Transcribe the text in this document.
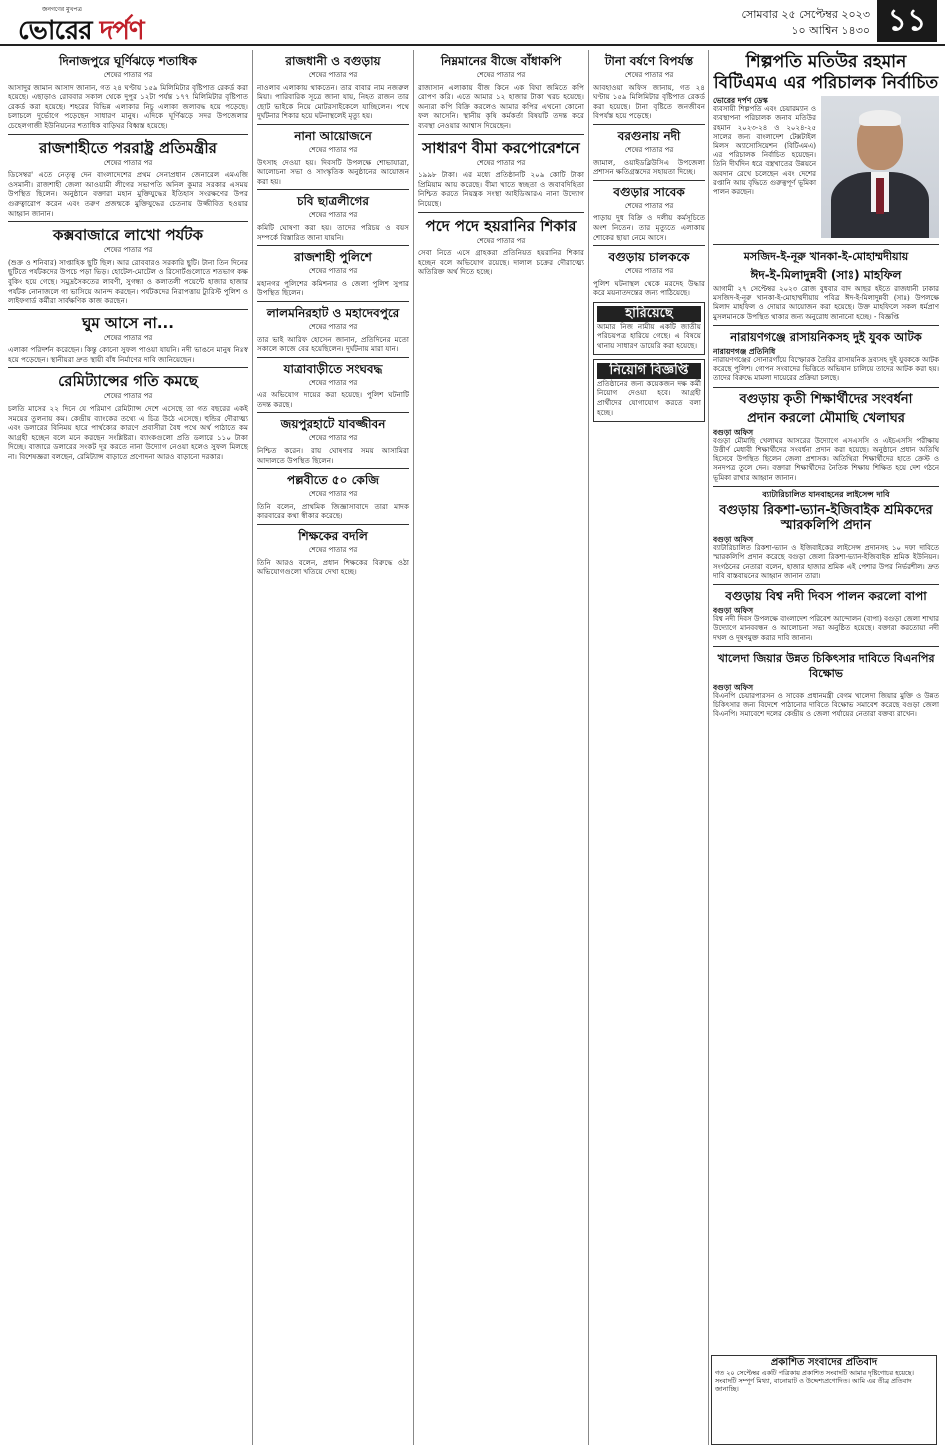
জনগণের মুখপত্র
ভোরের দর্পণ
সোমবার ২৫ সেপ্টেম্বর ২০২৩
১০ আশ্বিন ১৪৩০ ১১
দিনাজপুরে ঘূর্ণিঝড়ে শতাধিক
শেষের পাতার পর

আসাদুর জামান আসাদ জানান, গত ২৪ ঘণ্টায় ১৫৯ মিলিমিটার বৃষ্টিপাত রেকর্ড করা হয়েছে। এছাড়াও রোববার সকাল থেকে দুপুর ১২টা পর্যন্ত ১৭৭ মিলিমিটার বৃষ্টিপাত রেকর্ড করা হয়েছে। শহরের বিভিন্ন এলাকার নিচু এলাকা জলাবদ্ধ হয়ে পড়েছে। চলাচলে দুর্ভোগে পড়েছেন সাধারণ মানুষ। এদিকে ঘূর্ণিঝড়ে সদর উপজেলার চেহেলগাজী ইউনিয়নের শতাধিক বাড়িঘর বিধ্বস্ত হয়েছে।

রাজশাহীতে পররাষ্ট্র প্রতিমন্ত্রীর
শেষের পাতার পর

ডিসেম্বর' এতে নেতৃত্ব দেন বাংলাদেশের প্রথম সেনাপ্রধান জেনারেল এমএজি ওসমানী। রাজশাহী জেলা আওয়ামী লীগের সভাপতি অনিল কুমার সরকার এসময় উপস্থিত ছিলেন। অনুষ্ঠানে বক্তারা মহান মুক্তিযুদ্ধের ইতিহাস সংরক্ষণের উপর গুরুত্বারোপ করেন এবং তরুণ প্রজন্মকে মুক্তিযুদ্ধের চেতনায় উজ্জীবিত হওয়ার আহ্বান জানান।

কক্সবাজারে লাখো পর্যটক
শেষের পাতার পর

(শুক্র ও শনিবার) সাপ্তাহিক ছুটি ছিল। আর রোববারও সরকারি ছুটি। টানা তিন দিনের ছুটিতে পর্যটকদের উপচে পড়া ভিড়। হোটেল-মোটেল ও রিসোর্টগুলোতে শতভাগ কক্ষ বুকিং হয়ে গেছে। সমুদ্রসৈকতের লাবণী, সুগন্ধা ও কলাতলী পয়েন্টে হাজার হাজার পর্যটক নোনাজলে গা ভাসিয়ে আনন্দ করছেন। পর্যটকদের নিরাপত্তায় ট্যুরিস্ট পুলিশ ও লাইফগার্ড কর্মীরা সার্বক্ষণিক কাজ করছেন।

ঘুম আসে না...
শেষের পাতার পর

এলাকা পরিদর্শন করেছেন। কিন্তু কোনো সুফল পাওয়া যায়নি। নদী ভাঙনে মানুষ নিঃস্ব হয়ে পড়েছেন। স্থানীয়রা দ্রুত স্থায়ী বাঁধ নির্মাণের দাবি জানিয়েছেন।

রেমিট্যান্সের গতি কমছে
শেষের পাতার পর

চলতি মাসের ২২ দিনে যে পরিমাণ রেমিট্যান্স দেশে এসেছে তা গত বছরের একই সময়ের তুলনায় কম। কেন্দ্রীয় ব্যাংকের তথ্যে এ চিত্র উঠে এসেছে। হুন্ডির দৌরাত্ম্য এবং ডলারের বিনিময় হারে পার্থক্যের কারণে প্রবাসীরা বৈধ পথে অর্থ পাঠাতে কম আগ্রহী হচ্ছেন বলে মনে করছেন সংশ্লিষ্টরা। ব্যাংকগুলো প্রতি ডলারে ১১০ টাকা দিচ্ছে। বাজারে ডলারের সংকট দূর করতে নানা উদ্যোগ নেওয়া হলেও সুফল মিলছে না। বিশেষজ্ঞরা বলছেন, রেমিট্যান্স বাড়াতে প্রণোদনা আরও বাড়ানো দরকার।

রাজধানী ও বগুড়ায়
শেষের পাতার পর

নাওলাব এলাকায় থাকতেন। তার বাবার নাম নজরুল মিয়া। পারিবারিক সূত্রে জানা যায়, নিহত রাজন তার ছোট ভাইকে নিয়ে মোটরসাইকেলে যাচ্ছিলেন। পথে দুর্ঘটনার শিকার হয়ে ঘটনাস্থলেই মৃত্যু হয়।

নানা আয়োজনে
শেষের পাতার পর

উৎসাহ দেওয়া হয়। দিবসটি উপলক্ষে শোভাযাত্রা, আলোচনা সভা ও সাংস্কৃতিক অনুষ্ঠানের আয়োজন করা হয়।

চবি ছাত্রলীগের
শেষের পাতার পর

কমিটি ঘোষণা করা হয়। তাদের পরিচয় ও বয়স সম্পর্কে বিস্তারিত জানা যায়নি।

রাজশাহী পুলিশে
শেষের পাতার পর

মহানগর পুলিশের কমিশনার ও জেলা পুলিশ সুপার উপস্থিত ছিলেন।

লালমনিরহাট ও মহাদেবপুরে
শেষের পাতার পর

তার ভাই আরিফ হোসেন জানান, প্রতিদিনের মতো সকালে কাজে বের হয়েছিলেন। দুর্ঘটনায় মারা যান।

যাত্রাবাড়ীতে সংঘবদ্ধ
শেষের পাতার পর

এর অভিযোগ দায়ের করা হয়েছে। পুলিশ ঘটনাটি তদন্ত করছে।

জয়পুরহাটে যাবজ্জীবন
শেষের পাতার পর

নিশ্চিত করেন। রায় ঘোষণার সময় আসামিরা আদালতে উপস্থিত ছিলেন।

পল্লবীতে ৫০ কেজি
শেষের পাতার পর

তিনি বলেন, প্রাথমিক জিজ্ঞাসাবাদে তারা মাদক কারবারের কথা স্বীকার করেছে।

শিক্ষকের বদলি
শেষের পাতার পর

তিনি আরও বলেন, প্রধান শিক্ষকের বিরুদ্ধে ওঠা অভিযোগগুলো খতিয়ে দেখা হচ্ছে।

নিম্নমানের বীজে বাঁধাকপি
শেষের পাতার পর

রাজাসান এলাকায় বীজ কিনে এক বিঘা জমিতে কপি রোপণ করি। এতে আমার ১২ হাজার টাকা খরচ হয়েছে। অন্যরা কপি বিক্রি করলেও আমার কপির এখনো কোনো ফল আসেনি। স্থানীয় কৃষি কর্মকর্তা বিষয়টি তদন্ত করে ব্যবস্থা নেওয়ার আশ্বাস দিয়েছেন।

সাধারণ বীমা করপোরেশনে
শেষের পাতার পর

১৯৯৮ টাকা। এর মধ্যে প্রতিষ্ঠানটি ২০৯ কোটি টাকা প্রিমিয়াম আয় করেছে। বীমা খাতে স্বচ্ছতা ও জবাবদিহিতা নিশ্চিত করতে নিয়ন্ত্রক সংস্থা আইডিআরএ নানা উদ্যোগ নিয়েছে।

পদে পদে হয়রানির শিকার
শেষের পাতার পর

সেবা নিতে এসে গ্রাহকরা প্রতিনিয়ত হয়রানির শিকার হচ্ছেন বলে অভিযোগ রয়েছে। দালাল চক্রের দৌরাত্ম্যে অতিরিক্ত অর্থ দিতে হচ্ছে।

টানা বর্ষণে বিপর্যস্ত
শেষের পাতার পর

আবহাওয়া অফিস জানায়, গত ২৪ ঘণ্টায় ১৫৯ মিলিমিটার বৃষ্টিপাত রেকর্ড করা হয়েছে। টানা বৃষ্টিতে জনজীবন বিপর্যস্ত হয়ে পড়েছে।

বরগুনায় নদী
শেষের পাতার পর

জামাল, ওয়াইডব্লিউসিএ উপজেলা প্রশাসন ক্ষতিগ্রস্তদের সহায়তা দিচ্ছে।

বগুড়ার সাবেক
শেষের পাতার পর

পাড়ায় দুধ বিক্রি ও দলীয় কর্মসূচিতে অংশ নিতেন। তার মৃত্যুতে এলাকায় শোকের ছায়া নেমে আসে।

বগুড়ায় চালককে
শেষের পাতার পর

পুলিশ ঘটনাস্থল থেকে মরদেহ উদ্ধার করে ময়নাতদন্তের জন্য পাঠিয়েছে।

হারিয়েছে

আমার নিজ নামীয় একটি জাতীয় পরিচয়পত্র হারিয়ে গেছে। এ বিষয়ে থানায় সাধারণ ডায়েরি করা হয়েছে।

নিয়োগ বিজ্ঞপ্তি

প্রতিষ্ঠানের জন্য কয়েকজন দক্ষ কর্মী নিয়োগ দেওয়া হবে। আগ্রহী প্রার্থীদের যোগাযোগ করতে বলা হচ্ছে।

শিল্পপতি মতিউর রহমান বিটিএমএ এর পরিচালক নির্বাচিত
ভোরের দর্পণ ডেস্ক

ব্যবসায়ী শিল্পপতি এবং চেয়ারম্যান ও ব্যবস্থাপনা পরিচালক জনাব মতিউর রহমান ২০২৩-২৪ ও ২০২৪-২৫ সালের জন্য বাংলাদেশ টেক্সটাইল মিলস অ্যাসোসিয়েশন (বিটিএমএ) এর পরিচালক নির্বাচিত হয়েছেন। তিনি দীর্ঘদিন ধরে বস্ত্রখাতের উন্নয়নে অবদান রেখে চলেছেন এবং দেশের রপ্তানি আয় বৃদ্ধিতে গুরুত্বপূর্ণ ভূমিকা পালন করছেন।

মসজিদ-ই-নূরু খানকা-ই-মোহাম্মদীয়ায়
ঈদ-ই-মিলাদুন্নবী (সাঃ) মাহফিল

আগামী ২৭ সেপ্টেম্বর ২০২৩ রোজ বুধবার বাদ আছর হইতে রাজধানী ঢাকার মসজিদ-ই-নূরু খানকা-ই-মোহাম্মদীয়ায় পবিত্র ঈদ-ই-মিলাদুন্নবী (সাঃ) উপলক্ষে মিলাদ মাহফিল ও দোয়ার আয়োজন করা হয়েছে। উক্ত মাহফিলে সকল ধর্মপ্রাণ মুসলমানকে উপস্থিত থাকার জন্য অনুরোধ জানানো হচ্ছে। - বিজ্ঞপ্তি

নারায়ণগঞ্জে রাসায়নিকসহ দুই যুবক আটক
নারায়ণগঞ্জ প্রতিনিধি

নারায়ণগঞ্জের সোনারগাঁয়ে বিস্ফোরক তৈরির রাসায়নিক দ্রব্যসহ দুই যুবককে আটক করেছে পুলিশ। গোপন সংবাদের ভিত্তিতে অভিযান চালিয়ে তাদের আটক করা হয়। তাদের বিরুদ্ধে মামলা দায়েরের প্রক্রিয়া চলছে।

বগুড়ায় কৃতী শিক্ষার্থীদের সংবর্ধনা
প্রদান করলো মৌমাছি খেলাঘর
বগুড়া অফিস

বগুড়া মৌমাছি খেলাঘর আসরের উদ্যোগে এসএসসি ও এইচএসসি পরীক্ষায় উত্তীর্ণ মেধাবী শিক্ষার্থীদের সংবর্ধনা প্রদান করা হয়েছে। অনুষ্ঠানে প্রধান অতিথি হিসেবে উপস্থিত ছিলেন জেলা প্রশাসক। অতিথিরা শিক্ষার্থীদের হাতে ক্রেস্ট ও সনদপত্র তুলে দেন। বক্তারা শিক্ষার্থীদের নৈতিক শিক্ষায় শিক্ষিত হয়ে দেশ গঠনে ভূমিকা রাখার আহ্বান জানান।

ব্যাটারিচালিত যানবাহনের লাইসেন্স দাবি
বগুড়ায় রিকশা-ভ্যান-ইজিবাইক শ্রমিকদের স্মারকলিপি প্রদান
বগুড়া অফিস

ব্যাটারিচালিত রিকশা-ভ্যান ও ইজিবাইকের লাইসেন্স প্রদানসহ ১০ দফা দাবিতে স্মারকলিপি প্রদান করেছে বগুড়া জেলা রিকশা-ভ্যান-ইজিবাইক শ্রমিক ইউনিয়ন। সংগঠনের নেতারা বলেন, হাজার হাজার শ্রমিক এই পেশার উপর নির্ভরশীল। দ্রুত দাবি বাস্তবায়নের আহ্বান জানান তারা।

বগুড়ায় বিশ্ব নদী দিবস পালন করলো বাপা
বগুড়া অফিস

বিশ্ব নদী দিবস উপলক্ষে বাংলাদেশ পরিবেশ আন্দোলন (বাপা) বগুড়া জেলা শাখার উদ্যোগে মানববন্ধন ও আলোচনা সভা অনুষ্ঠিত হয়েছে। বক্তারা করতোয়া নদী দখল ও দূষণমুক্ত করার দাবি জানান।

খালেদা জিয়ার উন্নত চিকিৎসার দাবিতে বিএনপির বিক্ষোভ
বগুড়া অফিস

বিএনপি চেয়ারপারসন ও সাবেক প্রধানমন্ত্রী বেগম খালেদা জিয়ার মুক্তি ও উন্নত চিকিৎসার জন্য বিদেশে পাঠানোর দাবিতে বিক্ষোভ সমাবেশ করেছে বগুড়া জেলা বিএনপি। সমাবেশে দলের কেন্দ্রীয় ও জেলা পর্যায়ের নেতারা বক্তব্য রাখেন।

প্রকাশিত সংবাদের প্রতিবাদ
গত ২০ সেপ্টেম্বর একটি পত্রিকায় প্রকাশিত সংবাদটি আমার দৃষ্টিগোচর হয়েছে। সংবাদটি সম্পূর্ণ মিথ্যা, বানোয়াট ও উদ্দেশ্যপ্রণোদিত। আমি এর তীব্র প্রতিবাদ জানাচ্ছি।
